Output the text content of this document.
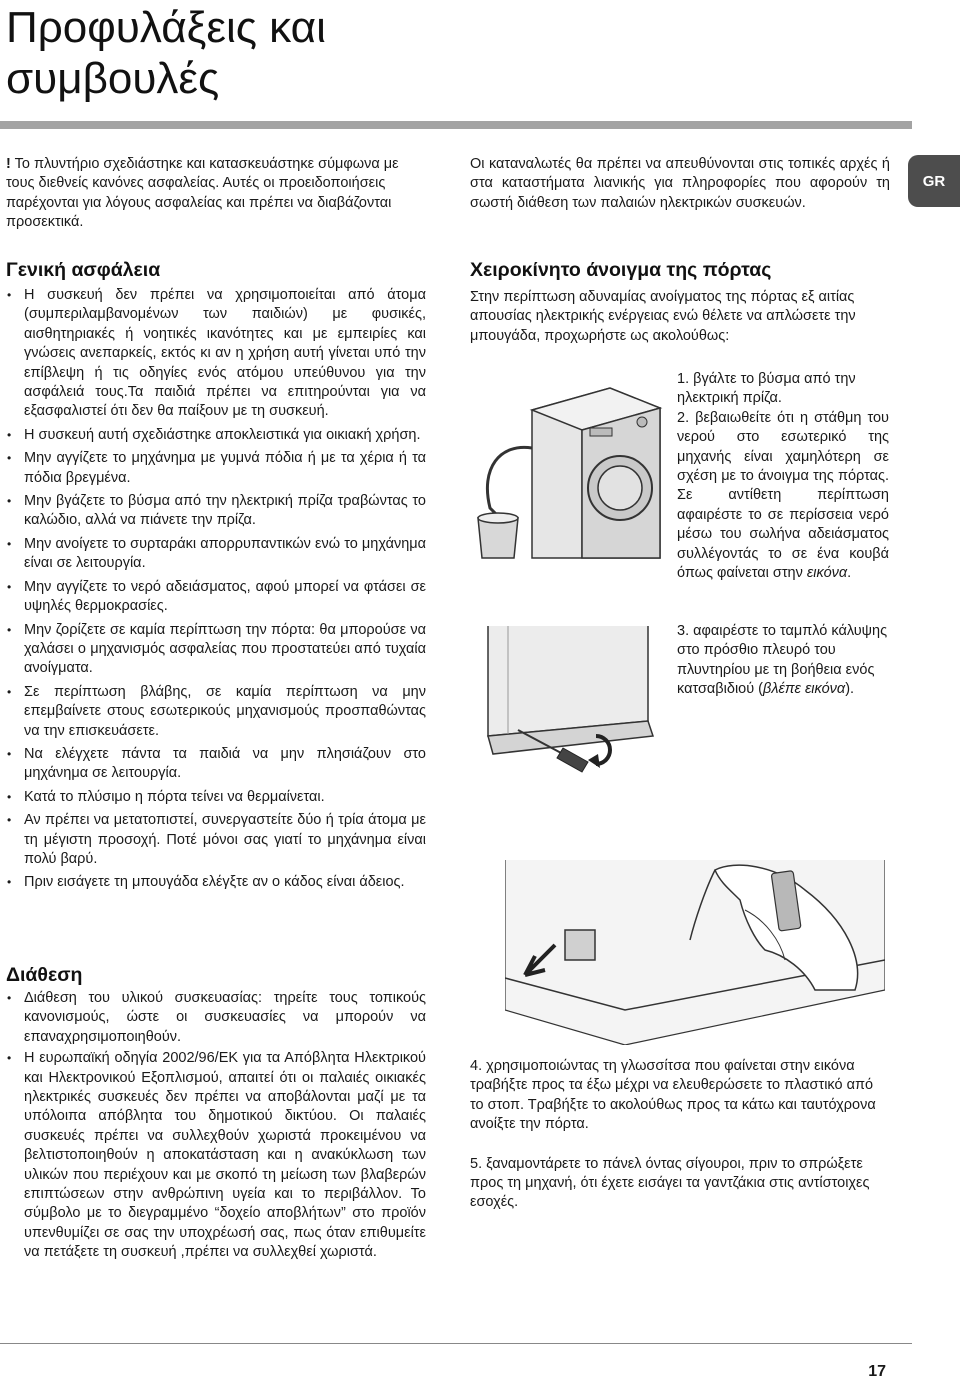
Προφυλάξεις και συμβουλές
GR

! Το πλυντήριο σχεδιάστηκε και κατασκευάστηκε σύμφωνα με τους διεθνείς κανόνες ασφαλείας. Αυτές οι προειδοποιήσεις παρέχονται για λόγους ασφαλείας και πρέπει να διαβάζονται προσεκτικά.

Γενική ασφάλεια
• Η συσκευή δεν πρέπει να χρησιμοποιείται από άτομα (συμπεριλαμβανομένων των παιδιών) με φυσικές, αισθητηριακές ή νοητικές ικανότητες και με εμπειρίες και γνώσεις ανεπαρκείς, εκτός κι αν η χρήση αυτή γίνεται υπό την επίβλεψη ή τις οδηγίες ενός ατόμου υπεύθυνου για την ασφάλειά τους.Τα παιδιά πρέπει να επιτηρούνται για να εξασφαλιστεί ότι δεν θα παίξουν με τη συσκευή.
• Η συσκευή αυτή σχεδιάστηκε αποκλειστικά για οικιακή χρήση.
• Μην αγγίζετε το μηχάνημα με γυμνά πόδια ή με τα χέρια ή τα πόδια βρεγμένα.
• Μην βγάζετε το βύσμα από την ηλεκτρική πρίζα τραβώντας το καλώδιο, αλλά να πιάνετε την πρίζα.
• Μην ανοίγετε το συρταράκι απορρυπαντικών ενώ το μηχάνημα είναι σε λειτουργία.
• Μην αγγίζετε το νερό αδειάσματος, αφού μπορεί να φτάσει σε υψηλές θερμοκρασίες.
• Μην ζορίζετε σε καμία περίπτωση την πόρτα: θα μπορούσε να χαλάσει ο μηχανισμός ασφαλείας που προστατεύει από τυχαία ανοίγματα.
• Σε περίπτωση βλάβης, σε καμία περίπτωση να μην επεμβαίνετε στους εσωτερικούς μηχανισμούς προσπαθώντας να την επισκευάσετε.
• Να ελέγχετε πάντα τα παιδιά να μην πλησιάζουν στο μηχάνημα σε λειτουργία.
• Κατά το πλύσιμο η πόρτα τείνει να θερμαίνεται.
• Αν πρέπει να μετατοπιστεί, συνεργαστείτε δύο ή τρία άτομα με τη μέγιστη προσοχή. Ποτέ μόνοι σας γιατί το μηχάνημα είναι πολύ βαρύ.
• Πριν εισάγετε τη μπουγάδα ελέγξτε αν ο κάδος είναι άδειος.
Διάθεση
• Διάθεση του υλικού συσκευασίας: τηρείτε τους τοπικούς κανονισμούς, ώστε οι συσκευασίες να μπορούν να επαναχρησιμοποιηθούν.
• Η ευρωπαϊκή οδηγία 2002/96/ΕΚ για τα Απόβλητα Ηλεκτρικού και Ηλεκτρονικού Εξοπλισμού, απαιτεί ότι οι παλαιές οικιακές ηλεκτρικές συσκευές δεν πρέπει να αποβάλονται μαζί με τα υπόλοιπα απόβλητα του δημοτικού δικτύου. Οι παλαιές συσκευές πρέπει να συλλεχθούν χωριστά προκειμένου να βελτιστοποιηθούν η αποκατάσταση και η ανακύκλωση των υλικών που περιέχουν και με σκοπό τη μείωση των βλαβερών επιπτώσεων στην ανθρώπινη υγεία και το περιβάλλον. Το σύμβολο με το διεγραμμένο “δοχείο αποβλήτων” στο προϊόν υπενθυμίζει σε σας την υποχρέωσή σας, πως όταν επιθυμείτε να πετάξετε τη συσκευή ,πρέπει να συλλεχθεί χωριστά.

Οι καταναλωτές θα πρέπει να απευθύνονται στις τοπικές αρχές ή στα καταστήματα λιανικής για πληροφορίες που αφορούν τη σωστή διάθεση των παλαιών ηλεκτρικών συσκευών.

Χειροκίνητο άνοιγμα της πόρτας

Στην περίπτωση αδυναμίας ανοίγματος της πόρτας εξ αιτίας απουσίας ηλεκτρικής ενέργειας ενώ θέλετε να απλώσετε την μπουγάδα, προχωρήστε ως ακολούθως:

1. βγάλτε το βύσμα από την ηλεκτρική πρίζα.

2. βεβαιωθείτε ότι η στάθμη του νερού στο εσωτερικό της μηχανής είναι χαμηλότερη σε σχέση με το άνοιγμα της πόρτας. Σε αντίθετη περίπτωση αφαιρέστε το σε περίσσεια νερό μέσω του σωλήνα αδειάσματος συλλέγοντάς το σε ένα κουβά όπως φαίνεται στην εικόνα.

3. αφαιρέστε το ταμπλό κάλυψης στο πρόσθιο πλευρό του πλυντηρίου με τη βοήθεια ενός κατσαβιδιού (βλέπε εικόνα).

4. χρησιμοποιώντας τη γλωσσίτσα που φαίνεται στην εικόνα τραβήξτε προς τα έξω μέχρι να ελευθερώσετε το πλαστικό από το στοπ. Τραβήξτε το ακολούθως προς τα κάτω και ταυτόχρονα ανοίξτε την πόρτα.

5. ξαναμοντάρετε το πάνελ όντας σίγουροι, πριν το σπρώξετε προς τη μηχανή, ότι έχετε εισάγει τα γαντζάκια στις αντίστοιχες εσοχές.

17
